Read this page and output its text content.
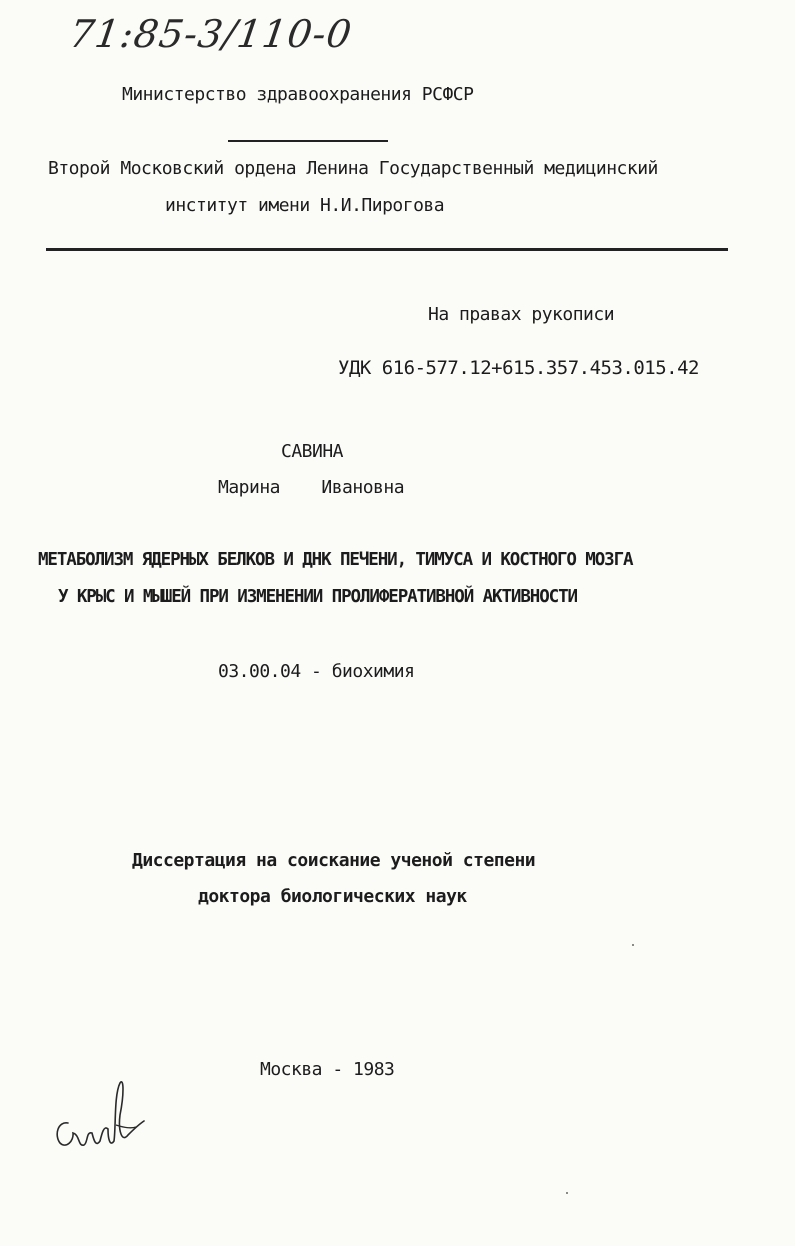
71:85-3/110-0
Министерство здравоохранения РСФСР
Второй Московский ордена Ленина Государственный медицинский
институт имени Н.И.Пирогова
На правах рукописи
УДК 616-577.12+615.357.453.015.42
САВИНА
Марина    Ивановна
МЕТАБОЛИЗМ ЯДЕРНЫХ БЕЛКОВ И ДНК ПЕЧЕНИ, ТИМУСА И КОСТНОГО МОЗГА
У КРЫС И МЫШЕЙ ПРИ ИЗМЕНЕНИИ ПРОЛИФЕРАТИВНОЙ АКТИВНОСТИ
03.00.04 - биохимия
Диссертация на соискание ученой степени
доктора биологических наук
Москва - 1983
